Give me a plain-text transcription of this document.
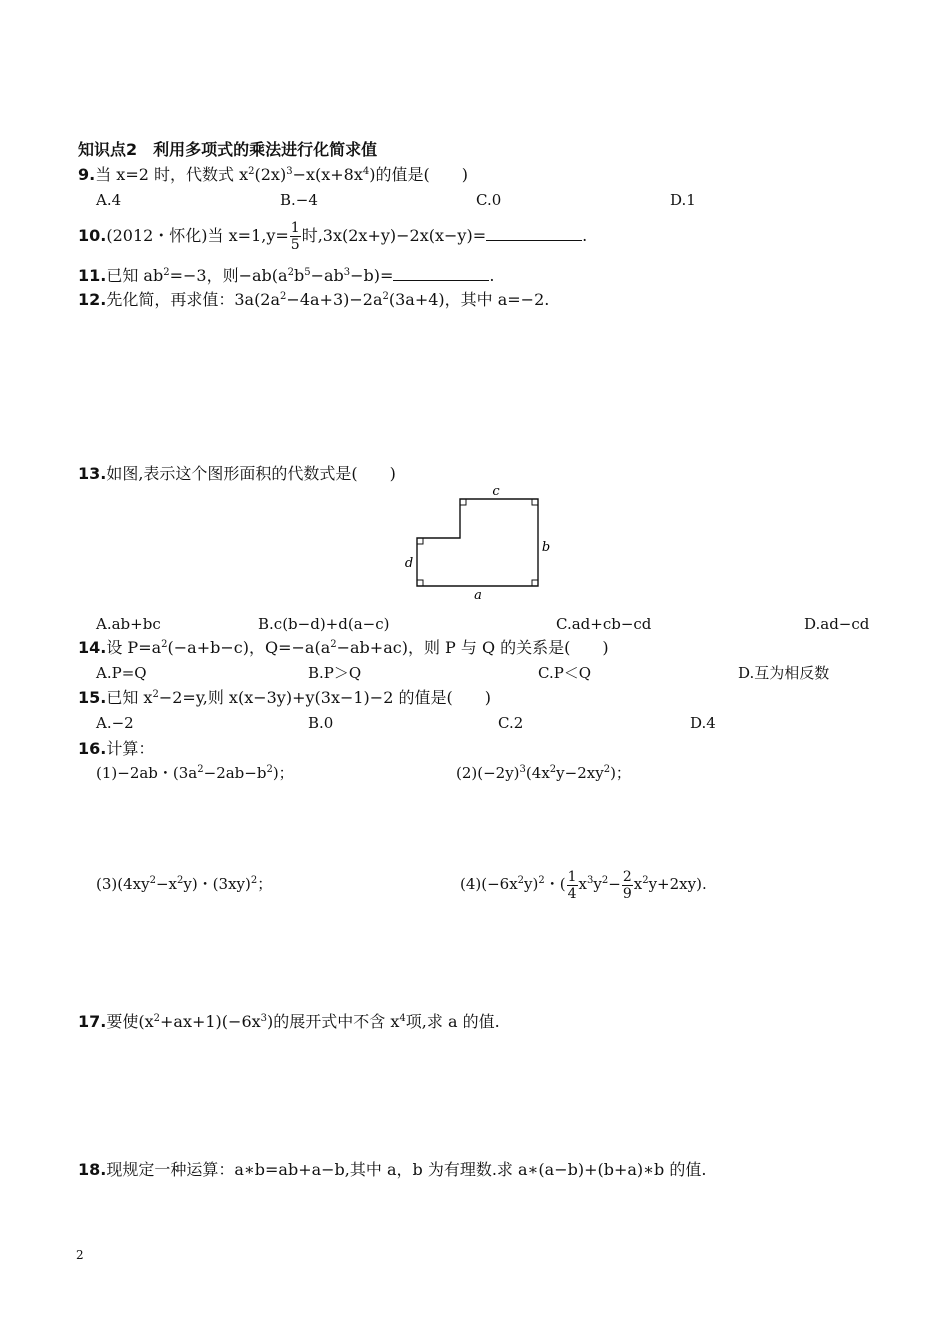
知识点2　利用多项式的乘法进行化简求值
9.当 x=2 时，代数式 $x^2(2x)^3-x(x+8x^4)$的值是(　　)
A.4	B.−4	C.0	D.1
10.(2012・怀化)当 $x=1,y= \frac{1}{5}$ 时,3x(2x+y)−2x(x−y)=	.
11.已知 $ab^2=-3$，则$-ab(a^2b^5-ab^3-b)=$	.
12.先化简，再求值：$3a(2a^2-4a+3)-2a^2(3a+4)$，其中 a=−2.
13.如图,表示这个图形面积的代数式是(　　)
c
b
d
a
A.ab+bc	B.c(b−d)+d(a−c)	C.ad+cb−cd	D.ad−cd
14.设 $P=a^2(-a+b-c)$，$Q=-a(a^2-ab+ac)$，则 P 与 Q 的关系是(　　)
A.P=Q	B.P＞Q	C.P＜Q	D.互为相反数
15.已知 $x^2-2=y$,则 x(x−3y)+y(3x−1)−2 的值是(　　)
A.−2	B.0	C.2	D.4
16.计算：
(1)−2ab・$(3a^2-2ab-b^2)$；	$(2)(-2y)^3(4x^2y-2xy^2)$；
$(3)(4xy^2-x^2y)$・$(3xy)^2$；	$(4)(-6x^2y)^2$・( $\frac{1}{4} x^3y^2- \frac{2}{9} x^2y+2xy$).
17.要使$(x^2+ax+1)(-6x^3)$的展开式中不含 $x^4$项,求 a 的值.
18.现规定一种运算：a∗b=ab+a−b,其中 a，b 为有理数.求 a∗(a−b)+(b+a)∗b 的值.
2
